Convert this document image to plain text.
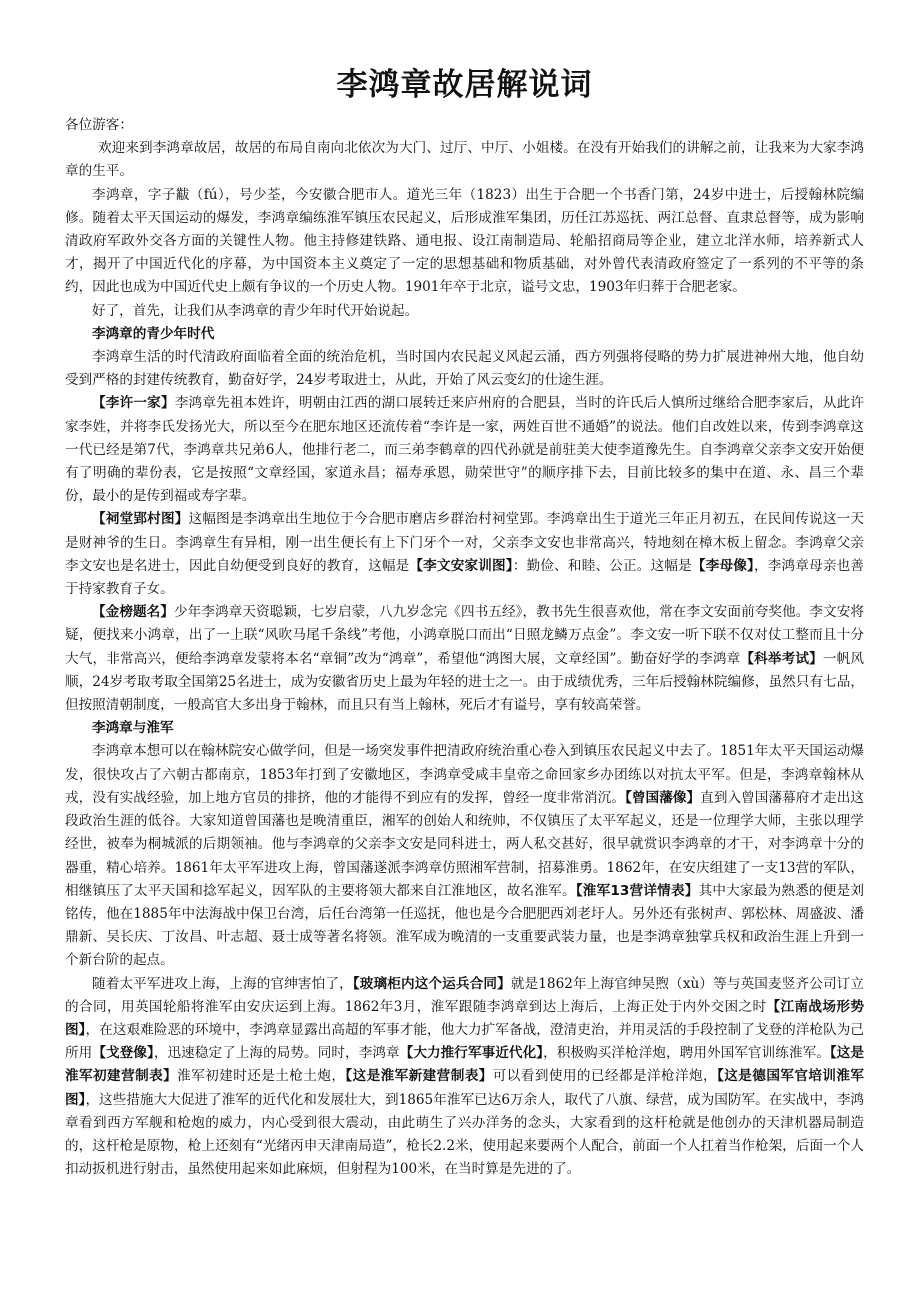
李鸿章故居解说词

各位游客：

欢迎来到李鸿章故居，故居的布局自南向北依次为大门、过厅、中厅、小姐楼。在没有开始我们的讲解之前，让我来为大家李鸿章的生平。

李鸿章，字子黻（fú），号少荃，今安徽合肥市人。道光三年（1823）出生于合肥一个书香门第，24岁中进士，后授翰林院编修。随着太平天国运动的爆发，李鸿章编练淮军镇压农民起义，后形成淮军集团，历任江苏巡抚、两江总督、直隶总督等，成为影响清政府军政外交各方面的关键性人物。他主持修建铁路、通电报、设江南制造局、轮船招商局等企业，建立北洋水师，培养新式人才，揭开了中国近代化的序幕，为中国资本主义奠定了一定的思想基础和物质基础，对外曾代表清政府签定了一系列的不平等的条约，因此也成为中国近代史上颇有争议的一个历史人物。1901年卒于北京，谥号文忠，1903年归葬于合肥老家。

好了，首先，让我们从李鸿章的青少年时代开始说起。

李鸿章的青少年时代

李鸿章生活的时代清政府面临着全面的统治危机，当时国内农民起义风起云涌，西方列强将侵略的势力扩展进神州大地，他自幼受到严格的封建传统教育，勤奋好学，24岁考取进士，从此，开始了风云变幻的仕途生涯。

【李许一家】李鸿章先祖本姓许，明朝由江西的湖口展转迁来庐州府的合肥县，当时的许氏后人慎所过继给合肥李家后，从此许家李姓，并将李氏发扬光大，所以至今在肥东地区还流传着“李许是一家，两姓百世不通婚”的说法。他们自改姓以来，传到李鸿章这一代已经是第7代，李鸿章共兄弟6人，他排行老二，而三弟李鹤章的四代孙就是前驻美大使李道豫先生。自李鸿章父亲李文安开始便有了明确的辈份表，它是按照“文章经国，家道永昌；福寿承恩，勋荣世守”的顺序排下去，目前比较多的集中在道、永、昌三个辈份，最小的是传到福或寿字辈。

【祠堂郢村图】这幅图是李鸿章出生地位于今合肥市磨店乡群治村祠堂郢。李鸿章出生于道光三年正月初五，在民间传说这一天是财神爷的生日。李鸿章生有异相，刚一出生便长有上下门牙个一对，父亲李文安也非常高兴，特地刻在樟木板上留念。李鸿章父亲李文安也是名进士，因此自幼便受到良好的教育，这幅是【李文安家训图】：勤俭、和睦、公正。这幅是【李母像】，李鸿章母亲也善于持家教育子女。

【金榜题名】少年李鸿章天资聪颖，七岁启蒙，八九岁念完《四书五经》，教书先生很喜欢他，常在李文安面前夸奖他。李文安将疑，便找来小鸿章，出了一上联“风吹马尾千条线”考他，小鸿章脱口而出“日照龙鳞万点金”。李文安一听下联不仅对仗工整而且十分大气，非常高兴，便给李鸿章发蒙将本名“章铜”改为“鸿章”，希望他“鸿图大展，文章经国”。勤奋好学的李鸿章【科举考试】一帆风顺，24岁考取考取全国第25名进士，成为安徽省历史上最为年轻的进士之一。由于成绩优秀，三年后授翰林院编修，虽然只有七品，但按照清朝制度，一般高官大多出身于翰林，而且只有当上翰林，死后才有谥号，享有较高荣誉。

李鸿章与淮军

李鸿章本想可以在翰林院安心做学问，但是一场突发事件把清政府统治重心卷入到镇压农民起义中去了。1851年太平天国运动爆发，很快攻占了六朝古都南京，1853年打到了安徽地区，李鸿章受咸丰皇帝之命回家乡办团练以对抗太平军。但是，李鸿章翰林从戎，没有实战经验，加上地方官员的排挤，他的才能得不到应有的发挥，曾经一度非常消沉。【曾国藩像】直到入曾国藩幕府才走出这段政治生涯的低谷。大家知道曾国藩也是晚清重臣，湘军的创始人和统帅，不仅镇压了太平军起义，还是一位理学大师，主张以理学经世，被奉为桐城派的后期领袖。他与李鸿章的父亲李文安是同科进士，两人私交甚好，很早就赏识李鸿章的才干，对李鸿章十分的器重，精心培养。1861年太平军进攻上海，曾国藩遂派李鸿章仿照湘军营制，招募淮勇。1862年，在安庆组建了一支13营的军队，相继镇压了太平天国和捻军起义，因军队的主要将领大都来自江淮地区，故名淮军。【淮军13营详情表】其中大家最为熟悉的便是刘铭传，他在1885年中法海战中保卫台湾，后任台湾第一任巡抚，他也是今合肥肥西刘老圩人。另外还有张树声、郭松林、周盛波、潘鼎新、吴长庆、丁汝昌、叶志超、聂士成等著名将领。淮军成为晚清的一支重要武装力量，也是李鸿章独掌兵权和政治生涯上升到一个新台阶的起点。

随着太平军进攻上海，上海的官绅害怕了，【玻璃柜内这个运兵合同】就是1862年上海官绅吴煦（xù）等与英国麦竖齐公司订立的合同，用英国轮船将淮军由安庆运到上海。1862年3月，淮军跟随李鸿章到达上海后，上海正处于内外交困之时【江南战场形势图】，在这艰难险恶的环境中，李鸿章显露出高超的军事才能，他大力扩军备战，澄清吏治，并用灵活的手段控制了戈登的洋枪队为己所用【戈登像】，迅速稳定了上海的局势。同时，李鸿章【大力推行军事近代化】，积极购买洋枪洋炮，聘用外国军官训练淮军。【这是淮军初建营制表】淮军初建时还是土枪土炮，【这是淮军新建营制表】可以看到使用的已经都是洋枪洋炮，【这是德国军官培训淮军图】，这些措施大大促进了淮军的近代化和发展壮大，到1865年淮军已达6万余人，取代了八旗、绿营，成为国防军。在实战中，李鸿章看到西方军舰和枪炮的威力，内心受到很大震动，由此萌生了兴办洋务的念头，大家看到的这杆枪就是他创办的天津机器局制造的，这杆枪是原物，枪上还刻有“光绪丙申天津南局造”，枪长2.2米，使用起来要两个人配合，前面一个人扛着当作枪架，后面一个人扣动扳机进行射击，虽然使用起来如此麻烦，但射程为100米，在当时算是先进的了。
